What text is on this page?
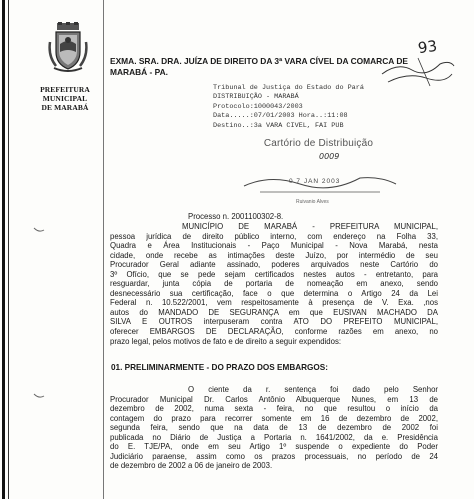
PREFEITURA
MUNICIPAL
DE MARABÁ
93
EXMA. SRA. DRA. JUÍZA DE DIREITO DA 3ª VARA CÍVEL DA COMARCA DE
MARABÁ - PA.
Tribunal de Justiça do Estado do Pará
DISTRIBUIÇÃO - MARABÁ
Protocolo:1000043/2003
Data.....:07/01/2003 Hora..:11:08
Destino..:3a VARA CIVEL, FAI PUB
Cartório de Distribuição
0009
0 7 JAN 2003
Ruivanio Alves
Processo n. 2001100302-8.
MUNICÍPIO DE MARABÁ - PREFEITURA MUNICIPAL,
pessoa jurídica de direito público interno, com endereço na Folha 33,
Quadra e Área Institucionais - Paço Municipal - Nova Marabá, nesta
cidade, onde recebe as intimações deste Juízo, por intermédio de seu
Procurador Geral adiante assinado, poderes arquivados neste Cartório do
3º Ofício, que se pede sejam certificados nestes autos - entretanto, para
resguardar, junta cópia de portaria de nomeação em anexo, sendo
desnecessário sua certificação, face o que determina o Artigo 24 da Lei
Federal n. 10.522/2001, vem respeitosamente à presença de V. Exa. ,nos
autos do MANDADO DE SEGURANÇA em que EUSIVAN MACHADO DA
SILVA E OUTROS interpuseram contra ATO DO PREFEITO MUNICIPAL,
oferecer EMBARGOS DE DECLARAÇÃO, conforme razões em anexo, no
prazo legal, pelos motivos de fato e de direito a seguir expendidos:
01. PRELIMINARMENTE - DO PRAZO DOS EMBARGOS:
O ciente da r. sentença foi dado pelo Senhor
Procurador Municipal Dr. Carlos Antônio Albuquerque Nunes, em 13 de
dezembro de 2002, numa sexta - feira, no que resultou o início da
contagem do prazo para recorrer somente em 16 de dezembro de 2002,
segunda feira, sendo que na data de 13 de dezembro de 2002 foi
publicada no Diário de Justiça a Portaria n. 1641/2002, da e. Presidência
do E. TJE/PA, onde em seu Artigo 1º suspende o expediente do Poder
Judiciário paraense, assim como os prazos processuais, no período de 24
de dezembro de 2002 a 06 de janeiro de 2003.
